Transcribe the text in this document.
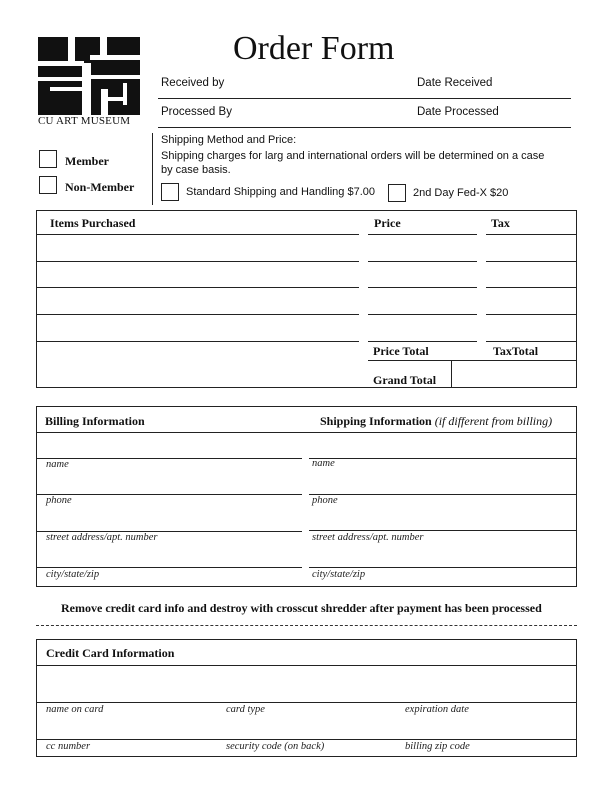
CU ART MUSEUM
Order Form
Received by	Date Received
Processed By	Date Processed
Member
Non-Member
Shipping Method and Price:
Shipping charges for larg and international orders will be determined on a case
by case basis.
Standard Shipping and Handling $7.00	2nd Day Fed-X $20
Items Purchased	Price	Tax
Price Total	TaxTotal
Grand Total
Billing Information	Shipping Information (if different from billing)
name	name
phone	phone
street address/apt. number	street address/apt. number
city/state/zip	city/state/zip
Remove credit card info and destroy with crosscut shredder after payment has been processed
Credit Card Information
name on card	card type	expiration date
cc number	security code (on back)	billing zip code
